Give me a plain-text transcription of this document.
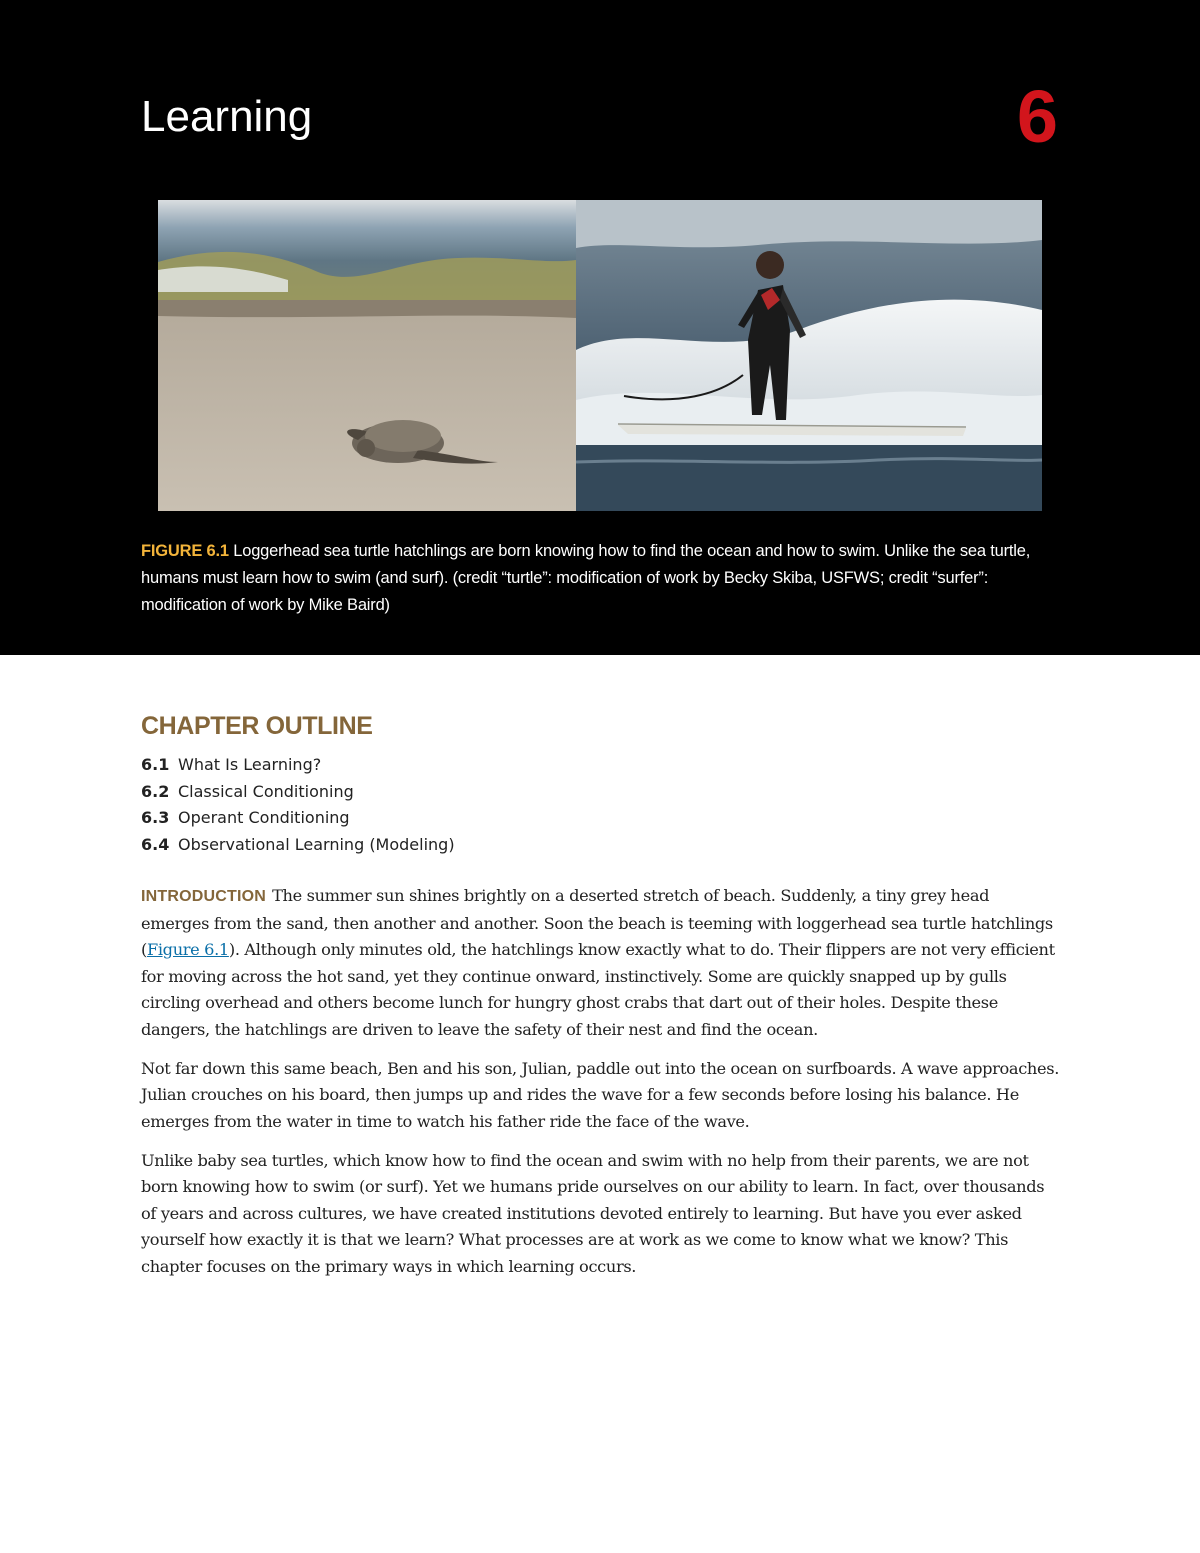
Learning	6
FIGURE 6.1 Loggerhead sea turtle hatchlings are born knowing how to find the ocean and how to swim. Unlike the sea turtle, humans must learn how to swim (and surf). (credit “turtle”: modification of work by Becky Skiba, USFWS; credit “surfer”: modification of work by Mike Baird)
CHAPTER OUTLINE
6.1 What Is Learning?
6.2 Classical Conditioning
6.3 Operant Conditioning
6.4 Observational Learning (Modeling)

INTRODUCTION The summer sun shines brightly on a deserted stretch of beach. Suddenly, a tiny grey head emerges from the sand, then another and another. Soon the beach is teeming with loggerhead sea turtle hatchlings (Figure 6.1). Although only minutes old, the hatchlings know exactly what to do. Their flippers are not very efficient for moving across the hot sand, yet they continue onward, instinctively. Some are quickly snapped up by gulls circling overhead and others become lunch for hungry ghost crabs that dart out of their holes. Despite these dangers, the hatchlings are driven to leave the safety of their nest and find the ocean.

Not far down this same beach, Ben and his son, Julian, paddle out into the ocean on surfboards. A wave approaches. Julian crouches on his board, then jumps up and rides the wave for a few seconds before losing his balance. He emerges from the water in time to watch his father ride the face of the wave.

Unlike baby sea turtles, which know how to find the ocean and swim with no help from their parents, we are not born knowing how to swim (or surf). Yet we humans pride ourselves on our ability to learn. In fact, over thousands of years and across cultures, we have created institutions devoted entirely to learning. But have you ever asked yourself how exactly it is that we learn? What processes are at work as we come to know what we know? This chapter focuses on the primary ways in which learning occurs.
